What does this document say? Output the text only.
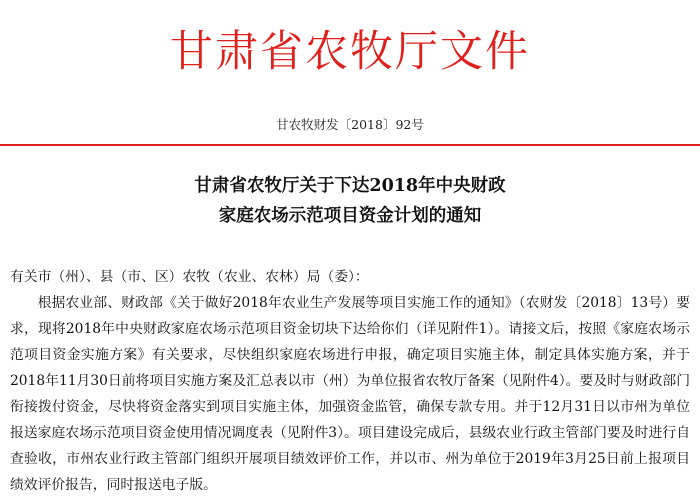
甘肃省农牧厅文件
甘农牧财发〔2018〕92号
甘肃省农牧厅关于下达2018年中央财政
家庭农场示范项目资金计划的通知

有关市（州）、县（市、区）农牧（农业、农林）局（委）：

根据农业部、财政部《关于做好2018年农业生产发展等项目实施工作的通知》（农财发〔2018〕13号）要求，现将2018年中央财政家庭农场示范项目资金切块下达给你们（详见附件1）。请接文后，按照《家庭农场示范项目资金实施方案》有关要求，尽快组织家庭农场进行申报，确定项目实施主体，制定具体实施方案，并于2018年11月30日前将项目实施方案及汇总表以市（州）为单位报省农牧厅备案（见附件4）。要及时与财政部门衔接拨付资金，尽快将资金落实到项目实施主体，加强资金监管，确保专款专用。并于12月31日以市州为单位报送家庭农场示范项目资金使用情况调度表（见附件3）。项目建设完成后，县级农业行政主管部门要及时进行自查验收，市州农业行政主管部门组织开展项目绩效评价工作，并以市、州为单位于2019年3月25日前上报项目绩效评价报告，同时报送电子版。
